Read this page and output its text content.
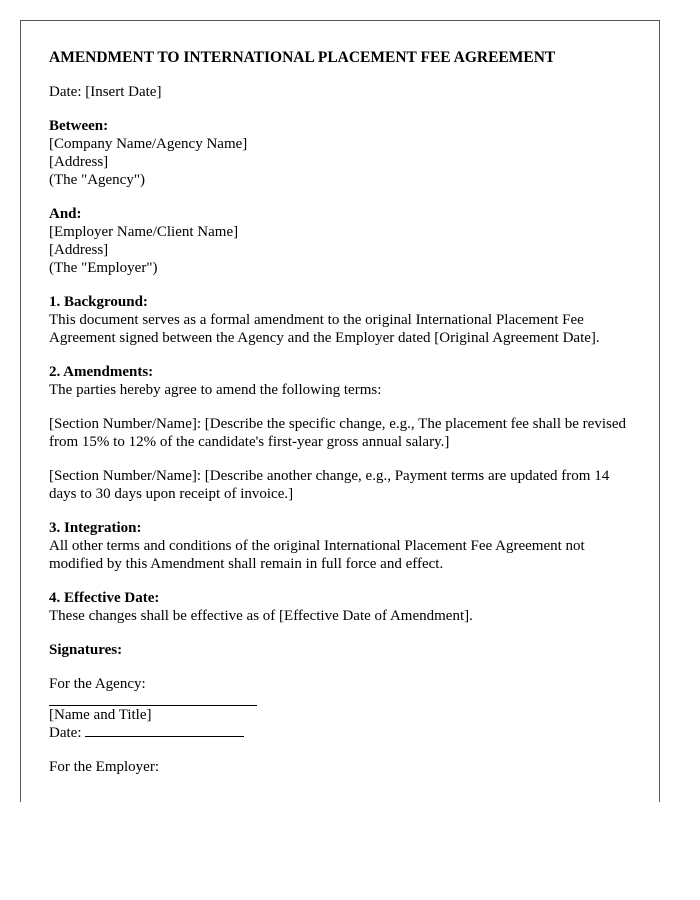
AMENDMENT TO INTERNATIONAL PLACEMENT FEE AGREEMENT
Date: [Insert Date]
Between:
[Company Name/Agency Name]
[Address]
(The "Agency")
And:
[Employer Name/Client Name]
[Address]
(The "Employer")
1. Background:
This document serves as a formal amendment to the original International Placement Fee Agreement signed between the Agency and the Employer dated [Original Agreement Date].
2. Amendments:
The parties hereby agree to amend the following terms:
[Section Number/Name]: [Describe the specific change, e.g., The placement fee shall be revised from 15% to 12% of the candidate's first-year gross annual salary.]
[Section Number/Name]: [Describe another change, e.g., Payment terms are updated from 14 days to 30 days upon receipt of invoice.]
3. Integration:
All other terms and conditions of the original International Placement Fee Agreement not modified by this Amendment shall remain in full force and effect.
4. Effective Date:
These changes shall be effective as of [Effective Date of Amendment].
Signatures:
For the Agency:
[Name and Title]
Date:
For the Employer:
